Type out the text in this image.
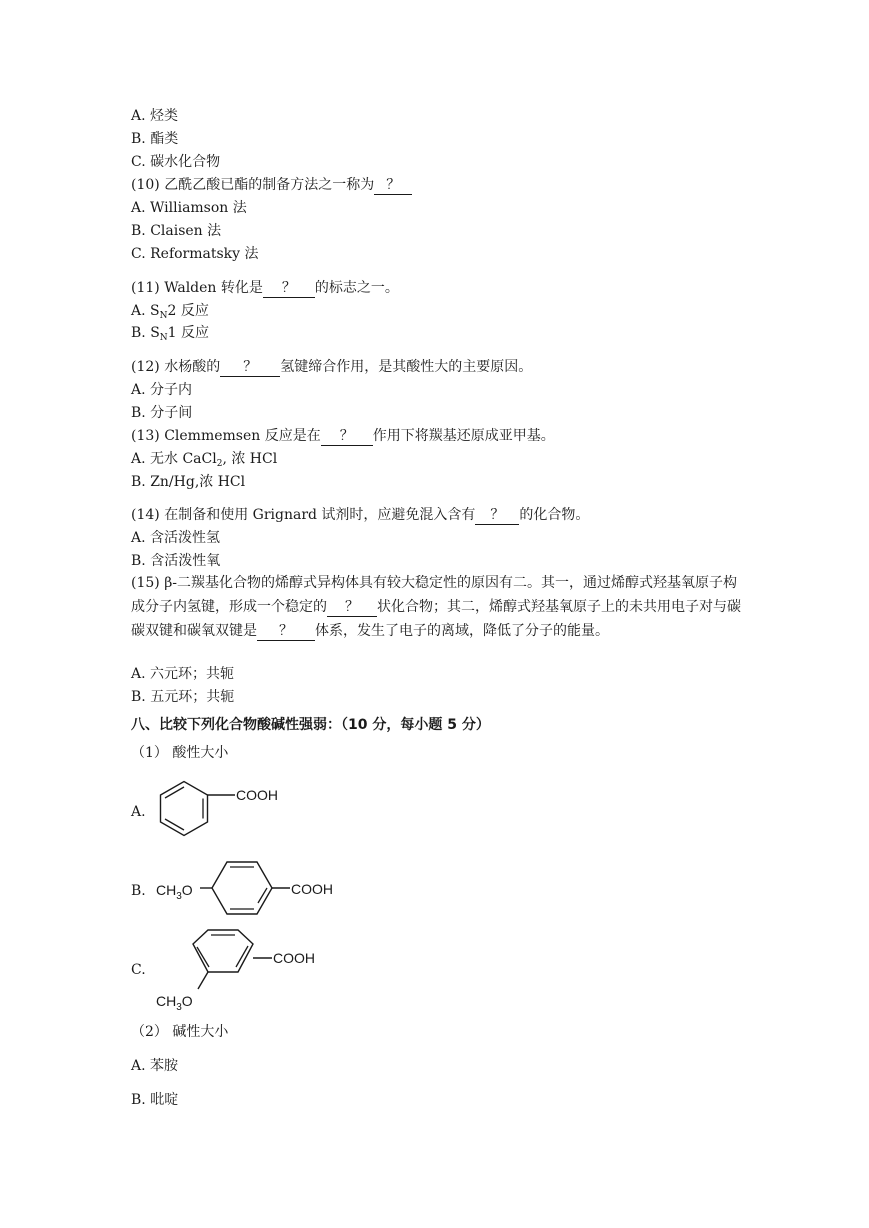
A. 烃类
B. 酯类
C. 碳水化合物
(10) 乙酰乙酸已酯的制备方法之一称为 ？
A. Williamson 法
B. Claisen 法
C. Reformatsky 法
(11) Walden 转化是 ？ 的标志之一。
A. $S_N2$ 反应
B. $S_N1$ 反应
(12) 水杨酸的 ？ 氢键缔合作用，是其酸性大的主要原因。
A. 分子内
B. 分子间
(13) Clemmemsen 反应是在 ？ 作用下将羰基还原成亚甲基。
A. 无水 CaCl$_2$, 浓 HCl
B. Zn/Hg,浓 HCl
(14) 在制备和使用 Grignard 试剂时，应避免混入含有 ？ 的化合物。
A. 含活泼性氢
B. 含活泼性氧
(15) β-二羰基化合物的烯醇式异构体具有较大稳定性的原因有二。其一，通过烯醇式羟基氧原子构成分子内氢键，形成一个稳定的 ？ 状化合物；其二，烯醇式羟基氧原子上的未共用电子对与碳碳双键和碳氧双键是 ？ 体系，发生了电子的离域，降低了分子的能量。
A. 六元环；共轭
B. 五元环；共轭
八、比较下列化合物酸碱性强弱：（10 分，每小题 5 分）
（1） 酸性大小
A.
COOH
B. $CH_3O$	COOH
C.
COOH
$CH_3O$
（2） 碱性大小
A. 苯胺
B. 吡啶
